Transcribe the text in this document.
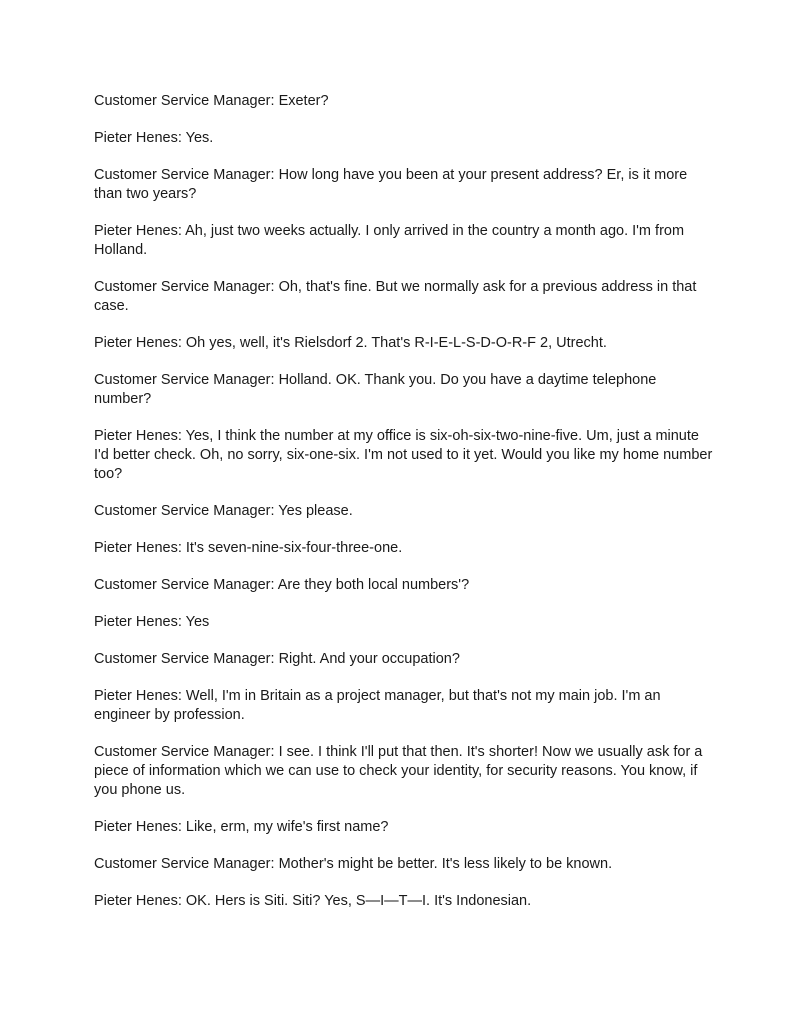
Customer Service Manager: Exeter?

Pieter Henes: Yes.

Customer Service Manager: How long have you been at your present address? Er, is it more than two years?

Pieter Henes: Ah, just two weeks actually. I only arrived in the country a month ago. I'm from Holland.

Customer Service Manager: Oh, that's fine. But we normally ask for a previous address in that case.

Pieter Henes: Oh yes, well, it's Rielsdorf 2. That's R-I-E-L-S-D-O-R-F 2, Utrecht.

Customer Service Manager: Holland. OK. Thank you. Do you have a daytime telephone number?

Pieter Henes: Yes, I think the number at my office is six-oh-six-two-nine-five. Um, just a minute I'd better check. Oh, no sorry, six-one-six. I'm not used to it yet. Would you like my home number too?

Customer Service Manager: Yes please.

Pieter Henes: It's seven-nine-six-four-three-one.

Customer Service Manager: Are they both local numbers'?

Pieter Henes: Yes

Customer Service Manager: Right. And your occupation?

Pieter Henes: Well, I'm in Britain as a project manager, but that's not my main job. I'm an engineer by profession.

Customer Service Manager: I see. I think I'll put that then. It's shorter! Now we usually ask for a piece of information which we can use to check your identity, for security reasons. You know, if you phone us.

Pieter Henes: Like, erm, my wife's first name?

Customer Service Manager: Mother's might be better. It's less likely to be known.

Pieter Henes: OK. Hers is Siti. Siti? Yes, S—I—T—I. It's Indonesian.
